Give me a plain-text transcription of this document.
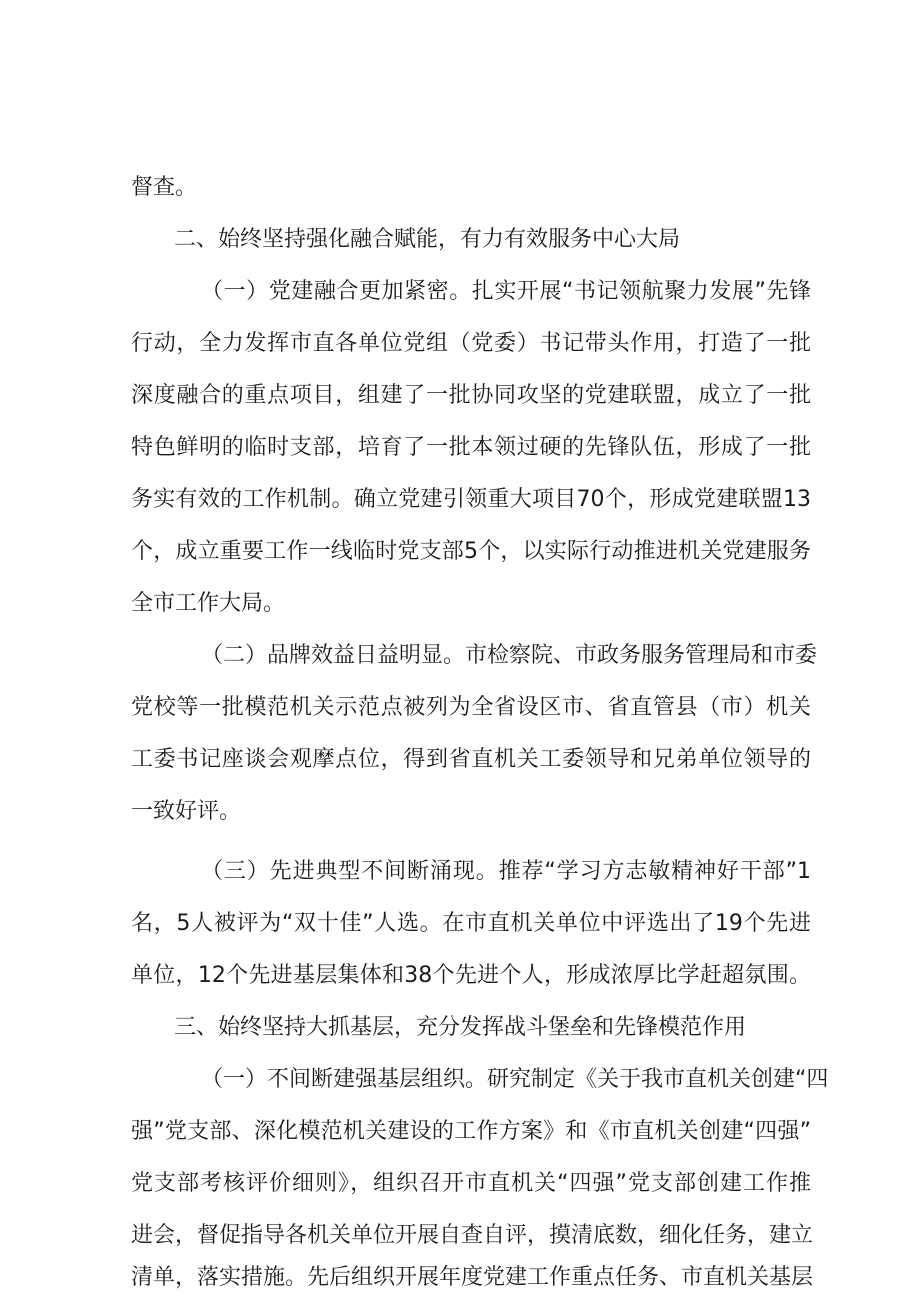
督查。
二、始终坚持强化融合赋能，有力有效服务中心大局
（一）党建融合更加紧密。扎实开展“书记领航聚力发展”先锋
行动，全力发挥市直各单位党组（党委）书记带头作用，打造了一批
深度融合的重点项目，组建了一批协同攻坚的党建联盟，成立了一批
特色鲜明的临时支部，培育了一批本领过硬的先锋队伍，形成了一批
务实有效的工作机制。确立党建引领重大项目70个，形成党建联盟13
个，成立重要工作一线临时党支部5个，以实际行动推进机关党建服务
全市工作大局。
（二）品牌效益日益明显。市检察院、市政务服务管理局和市委
党校等一批模范机关示范点被列为全省设区市、省直管县（市）机关
工委书记座谈会观摩点位，得到省直机关工委领导和兄弟单位领导的
一致好评。
（三）先进典型不间断涌现。推荐“学习方志敏精神好干部”1
名，5人被评为“双十佳”人选。在市直机关单位中评选出了19个先进
单位，12个先进基层集体和38个先进个人，形成浓厚比学赶超氛围。
三、始终坚持大抓基层，充分发挥战斗堡垒和先锋模范作用
（一）不间断建强基层组织。研究制定《关于我市直机关创建“四
强”党支部、深化模范机关建设的工作方案》和《市直机关创建“四强”
党支部考核评价细则》，组织召开市直机关“四强”党支部创建工作推
进会，督促指导各机关单位开展自查自评，摸清底数，细化任务，建立
清单，落实措施。先后组织开展年度党建工作重点任务、市直机关基层
